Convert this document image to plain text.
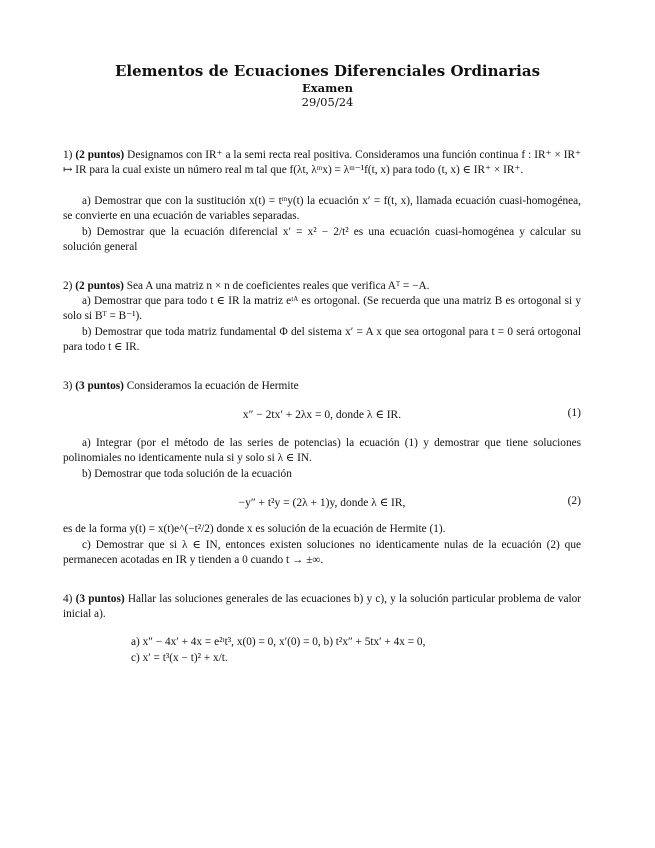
Elementos de Ecuaciones Diferenciales Ordinarias
Examen
29/05/24
1) (2 puntos) Designamos con IR⁺ a la semi recta real positiva. Consideramos una función continua f : IR⁺ × IR⁺ ↦ IR para la cual existe un número real m tal que f(λt, λᵐx) = λᵐ⁻¹f(t, x) para todo (t, x) ∈ IR⁺ × IR⁺.
a) Demostrar que con la sustitución x(t) = tᵐy(t) la ecuación x′ = f(t, x), llamada ecuación cuasi-homogénea, se convierte en una ecuación de variables separadas.
b) Demostrar que la ecuación diferencial x′ = x² − 2/t² es una ecuación cuasi-homogénea y calcular su solución general
2) (2 puntos) Sea A una matriz n × n de coeficientes reales que verifica Aᵀ = −A.
a) Demostrar que para todo t ∈ IR la matriz eᵗᴬ es ortogonal. (Se recuerda que una matriz B es ortogonal si y solo si Bᵀ = B⁻¹).
b) Demostrar que toda matriz fundamental Φ del sistema x′ = A x que sea ortogonal para t = 0 será ortogonal para todo t ∈ IR.
3) (3 puntos) Consideramos la ecuación de Hermite
x″ − 2tx′ + 2λx = 0, donde λ ∈ IR.	(1)
a) Integrar (por el método de las series de potencias) la ecuación (1) y demostrar que tiene soluciones polinomiales no identicamente nula si y solo si λ ∈ IN.
b) Demostrar que toda solución de la ecuación
−y″ + t²y = (2λ + 1)y, donde λ ∈ IR,	(2)
es de la forma y(t) = x(t)e^(−t²/2) donde x es solución de la ecuación de Hermite (1).
c) Demostrar que si λ ∈ IN, entonces existen soluciones no identicamente nulas de la ecuación (2) que permanecen acotadas en IR y tienden a 0 cuando t → ±∞.
4) (3 puntos) Hallar las soluciones generales de las ecuaciones b) y c), y la solución particular problema de valor inicial a).
a) x″ − 4x′ + 4x = e²ᵗt³, x(0) = 0, x′(0) = 0, b) t²x″ + 5tx′ + 4x = 0,
c) x′ = t³(x − t)² + x/t.
